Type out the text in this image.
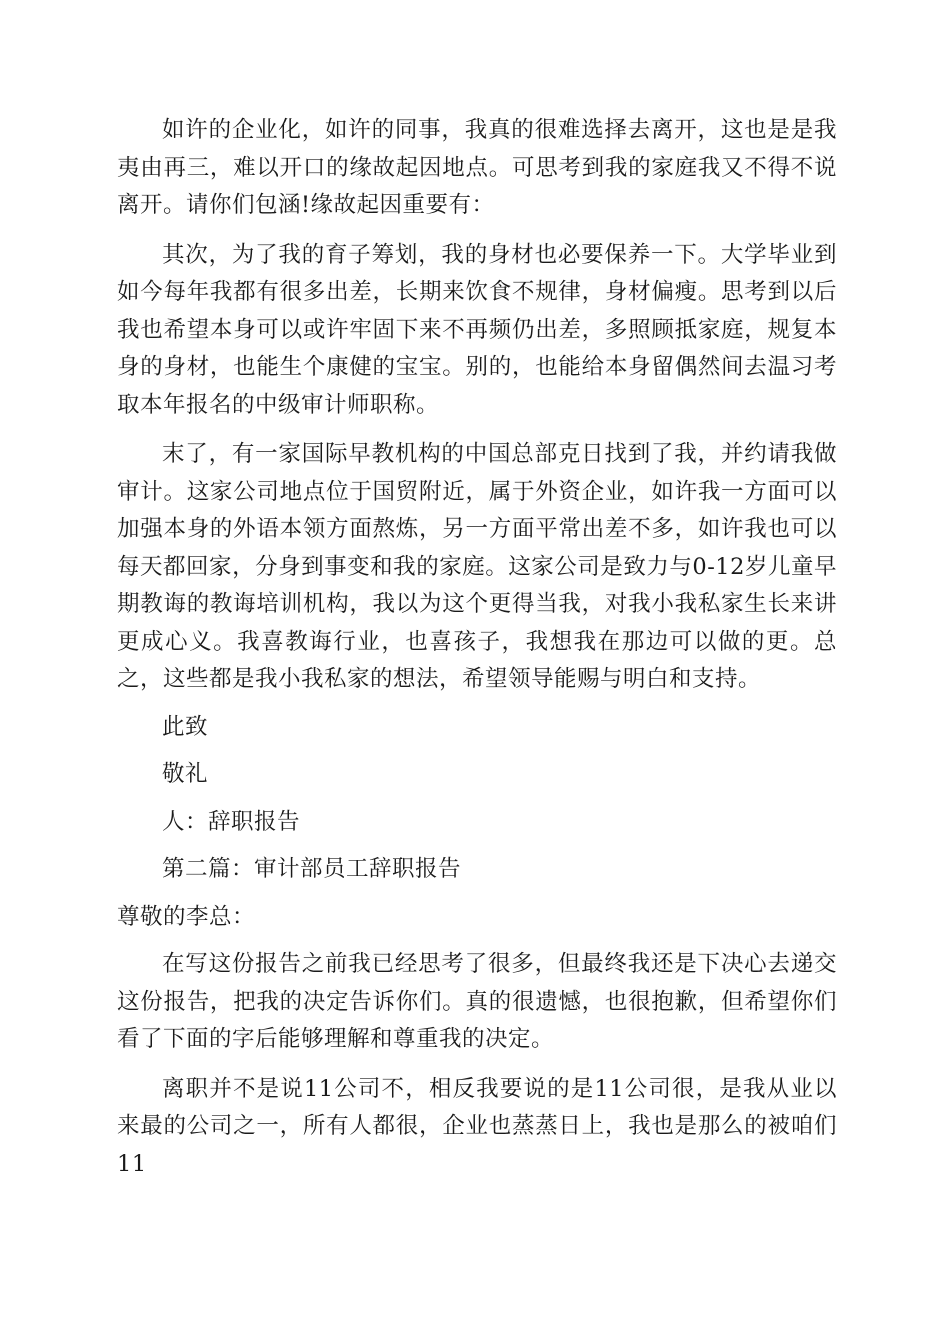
如许的企业化，如许的同事，我真的很难选择去离开，这也是是我夷由再三，难以开口的缘故起因地点。可思考到我的家庭我又不得不说离开。请你们包涵!缘故起因重要有：

其次，为了我的育子筹划，我的身材也必要保养一下。大学毕业到如今每年我都有很多出差，长期来饮食不规律，身材偏瘦。思考到以后我也希望本身可以或许牢固下来不再频仍出差，多照顾抵家庭，规复本身的身材，也能生个康健的宝宝。别的，也能给本身留偶然间去温习考取本年报名的中级审计师职称。

末了，有一家国际早教机构的中国总部克日找到了我，并约请我做审计。这家公司地点位于国贸附近，属于外资企业，如许我一方面可以加强本身的外语本领方面熬炼，另一方面平常出差不多，如许我也可以每天都回家，分身到事变和我的家庭。这家公司是致力与0-12岁儿童早期教诲的教诲培训机构，我以为这个更得当我，对我小我私家生长来讲更成心义。我喜教诲行业，也喜孩子，我想我在那边可以做的更。总之，这些都是我小我私家的想法，希望领导能赐与明白和支持。

此致

敬礼

人：辞职报告

第二篇：审计部员工辞职报告

尊敬的李总：

在写这份报告之前我已经思考了很多，但最终我还是下决心去递交这份报告，把我的决定告诉你们。真的很遗憾，也很抱歉，但希望你们看了下面的字后能够理解和尊重我的决定。

离职并不是说11公司不，相反我要说的是11公司很，是我从业以来最的公司之一，所有人都很，企业也蒸蒸日上，我也是那么的被咱们11
